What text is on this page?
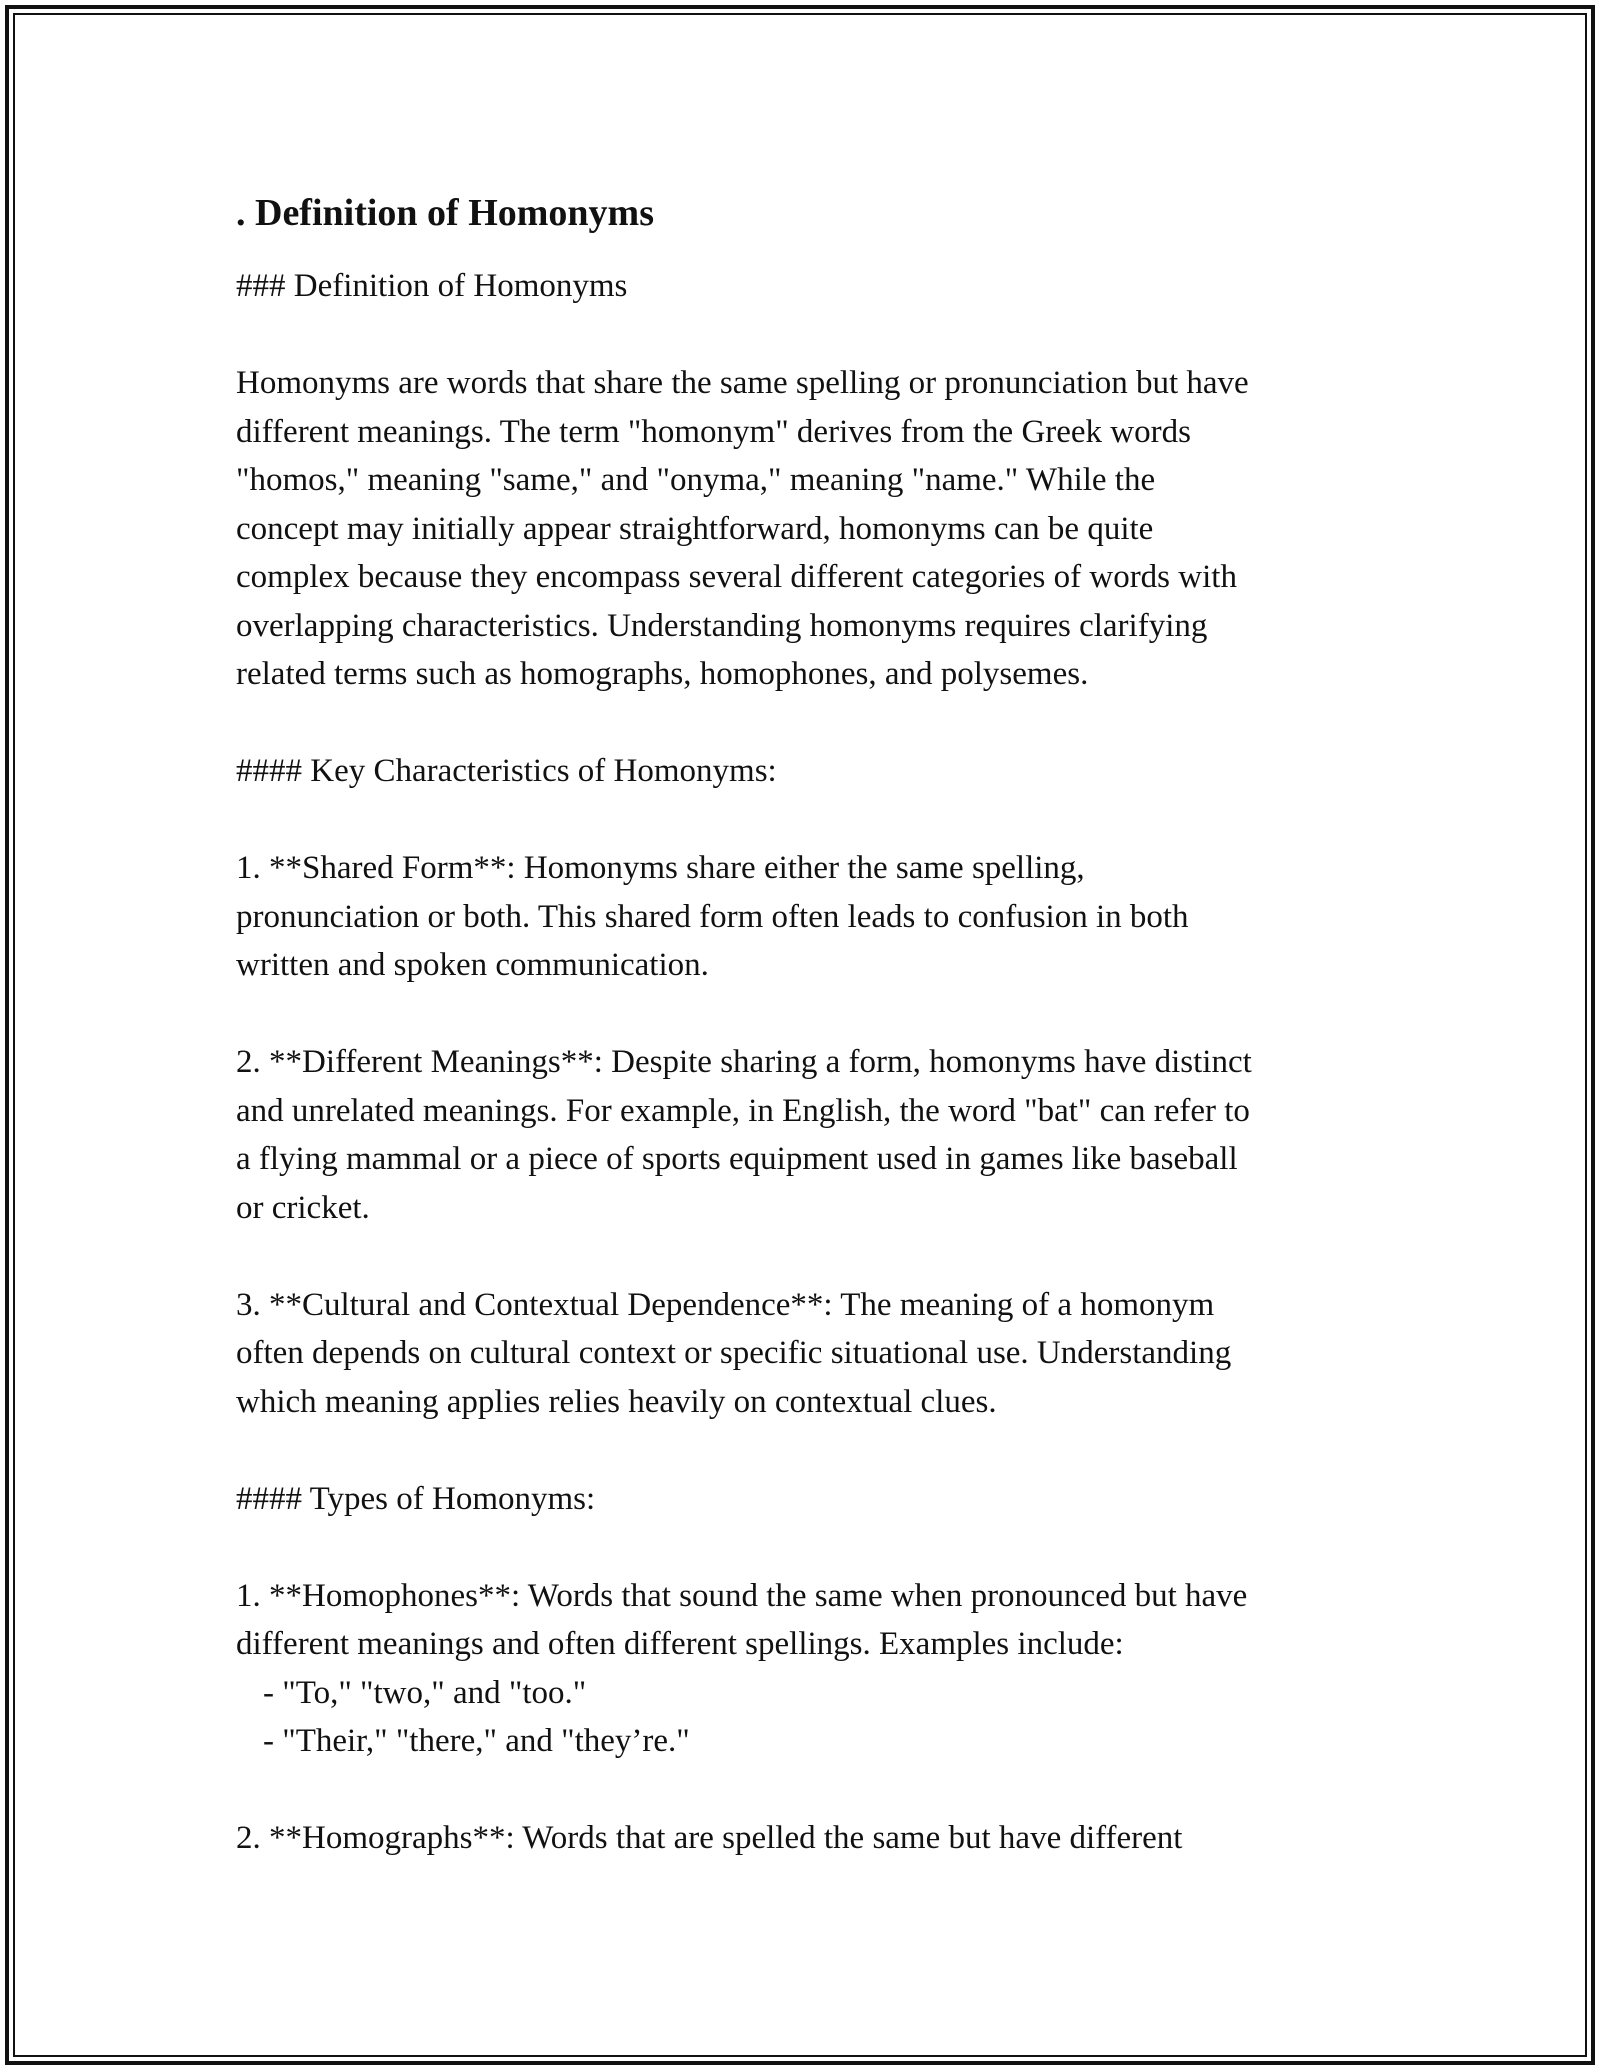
. Definition of Homonyms
### Definition of Homonyms
Homonyms are words that share the same spelling or pronunciation but have
different meanings. The term "homonym" derives from the Greek words
"homos," meaning "same," and "onyma," meaning "name." While the
concept may initially appear straightforward, homonyms can be quite
complex because they encompass several different categories of words with
overlapping characteristics. Understanding homonyms requires clarifying
related terms such as homographs, homophones, and polysemes.
#### Key Characteristics of Homonyms:
1. **Shared Form**: Homonyms share either the same spelling,
pronunciation or both. This shared form often leads to confusion in both
written and spoken communication.
2. **Different Meanings**: Despite sharing a form, homonyms have distinct
and unrelated meanings. For example, in English, the word "bat" can refer to
a flying mammal or a piece of sports equipment used in games like baseball
or cricket.
3. **Cultural and Contextual Dependence**: The meaning of a homonym
often depends on cultural context or specific situational use. Understanding
which meaning applies relies heavily on contextual clues.
#### Types of Homonyms:
1. **Homophones**: Words that sound the same when pronounced but have
different meanings and often different spellings. Examples include:

- "To," "two," and "too."
- "Their," "there," and "they’re."
2. **Homographs**: Words that are spelled the same but have different
